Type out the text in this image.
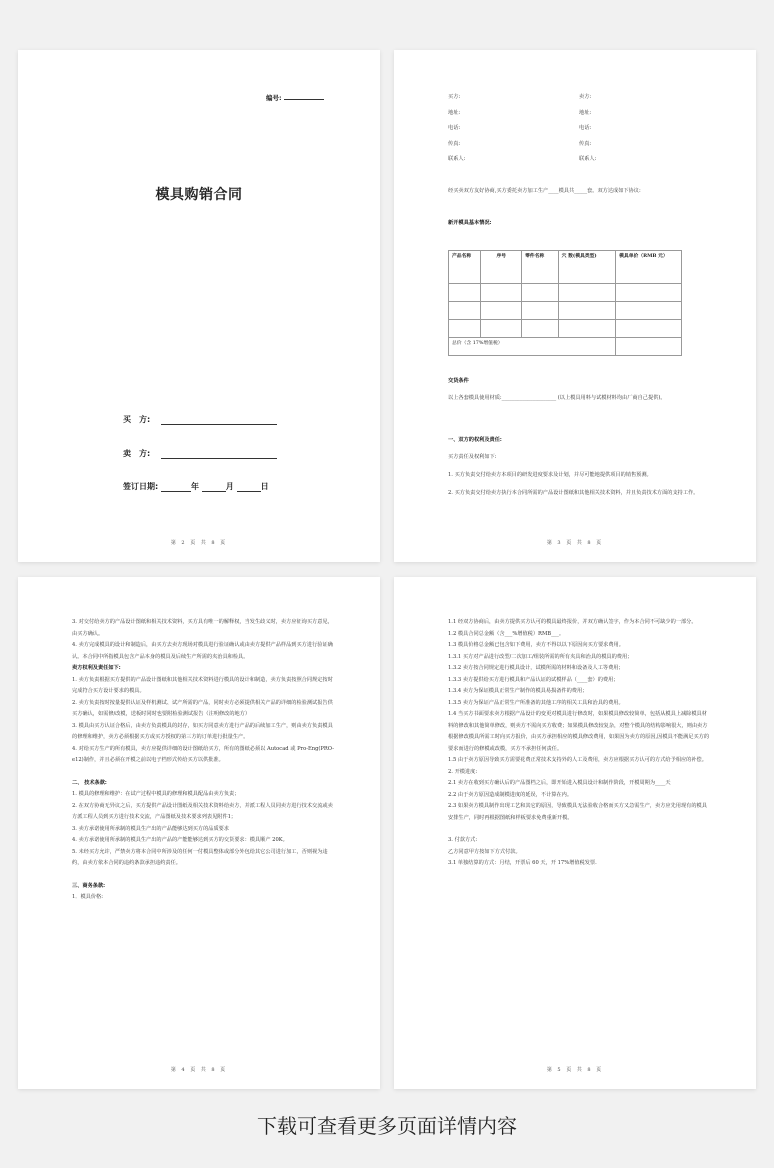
编号:
模具购销合同
买　方:
卖　方:
签订日期:	年	月	日
第 2 页 共 8 页
买方:	卖方:
地址:	地址:
电话:	电话:
传真:	传真:
联系人:	联系人:
经买卖双方友好协商,买方委托卖方加工生产____模具共_____套。双方达成如下协议:
新开模具基本情况:
产品名称	序号	零件名称	穴 数(模具类型)	模具单价（RMB 元）

总价（含 17%增值税）				
交货条件
以上各套模具使用材质:_____________________ (以上模具用料与试模材料均由厂商自己提供)。
一、双方的权利及责任:
买方责任及权利如下:
1. 买方负责交付给卖方本项目的研发进度要求及计划，并尽可能地提供项目的销售预测。
2. 买方负责交付给卖方执行本合同所需的产品设计图纸和其他相关技术资料，并且负责技术方面的支持工作。
第 3 页 共 8 页

3. 对交付给卖方的产品设计图纸和相关技术资料，买方具有唯一的解释权，当发生歧义时，卖方应征询买方意见，由买方确认。

4. 卖方完成模具的设计和制造后，由买方去卖方现场对模具进行验证确认或由卖方提供产品样品到买方进行验证确认。本合同中所指模具包含产品本身的模具及后续生产所需的夹治具和检具。

卖方权利及责任如下:

1. 卖方负责根据买方提供的产品设计图纸和其他相关技术资料进行模具的设计和制造，卖方负责按照合同规定按时完成符合买方设计要求的模具。

2. 卖方负责按时按量提供认证及样机测试、试产所需的产品，同时卖方必须提供相关产品的详细的检验测试报告供买方确认，如需修/改模，送板时同时也要附检验测试报告（注明修改的地方）

3. 模具由买方认证合格后，由卖方负责模具的封存，如买方同意卖方进行产品的后续加工生产，则由卖方负责模具的修理和维护，卖方必须根据买方或买方授权的第三方的订单进行批量生产。

4. 对给买方生产的所有模具，卖方应提供详细的设计图纸给买方，所有的图纸必须以 Autocad 或 Pro-Eng(PRO-e12)制作，并且必须在开模之前以电子档形式传给买方以供批准。

二、 技术条款:

1. 模具的修理和维护：在试产过程中模具的修理和模具配品由卖方负责；

2. 在双方协商无异议之后，买方提供产品设计图纸及相关技术资料给卖方，并派工程人员同卖方进行技术交流或卖方派工程人员到买方进行技术交流，产品图纸及技术要求列表见附件1；

3. 卖方承诺使用所承制的模具生产出的产品能够达到买方的品质要求

4. 卖方承诺使用所承制的模具生产出的产品的产能能够达到买方的交货要求：模具顺产 20K。

5. 未经买方允许，严禁卖方将本合同中所涉及的任何一付模具整体或部分外包给其它公司进行加工，否则视为违约，由卖方依本合同的违约条款承担违约责任。

三、商务条款:

1．模具价格:

第 4 页 共 8 页

1.1 经双方协商后，由卖方提供买方认可的模具最终报价，并双方确认签字，作为本合同不可缺少的一部分。

1.2 模具合同总金额（含___%增值税）RMB___。

1.3 模具价格总金额已包含如下费用，卖方不得以以下原因向买方要求费用。

1.3.1 买方对产品进行改型/二次加工/组装所需的所有夹具和治具的模具的费用；

1.3.2 卖方按合同规定进行模具设计，试模所需的材料和设备及人工等费用；

1.3.3 卖方提供给买方进行模具和产品认证的试模样品（____套）的费用；

1.3.4 卖方为保证模具正常生产制作的模具易损备件的费用；

1.3.5 卖方为保证产品正常生产所准备的其他工序的相关工具和治具的费用。

1.4 当买方书面要求卖方根据产品设计的变更对模具进行修改时，如果模具修改较简单，包括从模具上减除模具材料的修改和其他简单修改，则卖方不需向买方收费；如果模具修改较复杂，对整个模具的结构影响很大，则由卖方根据修改模具所需工时向买方报价，由买方承担相应的模具修改费用，如果因为卖方的原因,因模具不能满足买方的要求而进行的修模或改模，买方不承担任何责任。

1.5 由于卖方原因导致买方需要花费正常技术支持外的人工及费用，卖方应根据买方认可的方式给予相应的补偿。

2. 开模进度:

2.1 卖方在收到买方确认后的产品图档之后，即开始进入模具设计和制作阶段，开模周期为____天

2.2 由于卖方原因造成制模进度的延误，不计算在内。

2.3 如果卖方模具制作出现工艺和其它的原因，导致模具无法验收合格而买方又急需生产，卖方应先用现有的模具安排生产，同时再根据图纸和样板要求免费重新开模。

3. 付款方式:

乙方同意甲方按如下方式付款。

3.1 单独结算的方式：月结，开票后 60 天，开 17%增值税发票.

第 5 页 共 8 页
下载可查看更多页面详情内容
